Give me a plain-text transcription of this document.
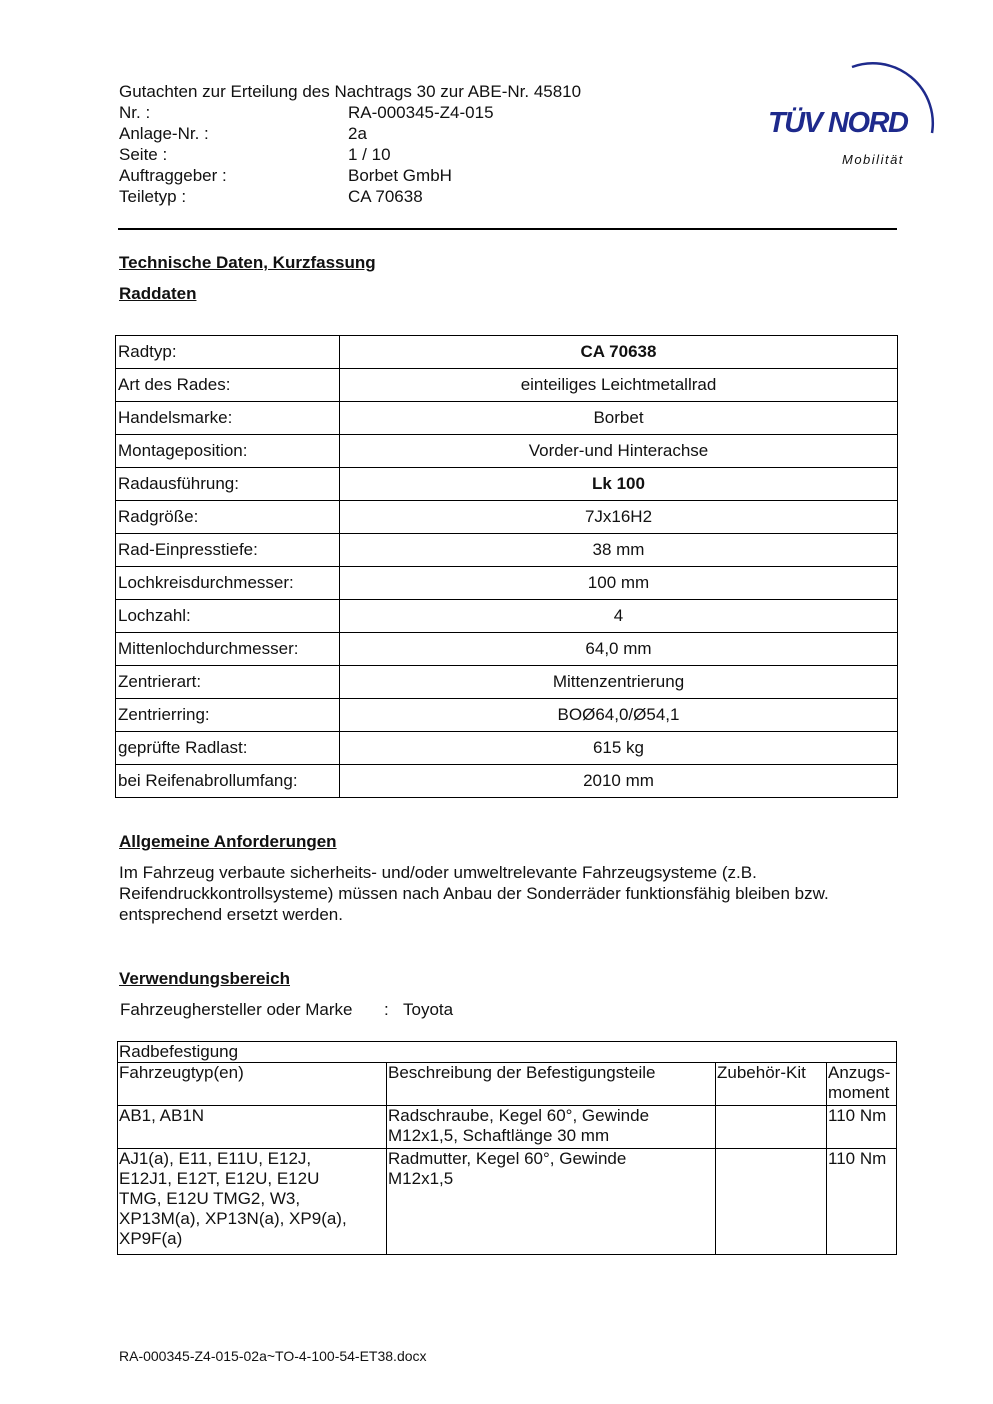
Gutachten zur Erteilung des Nachtrags 30 zur ABE-Nr. 45810
Nr. :	RA-000345-Z4-015
Anlage-Nr. :	2a
Seite :	1 / 10
Auftraggeber :	Borbet GmbH
Teiletyp :	CA 70638
TÜV NORD
Mobilität
Technische Daten, Kurzfassung
Raddaten
Radtyp:	CA 70638
Art des Rades:	einteiliges Leichtmetallrad
Handelsmarke:	Borbet
Montageposition:	Vorder-und Hinterachse
Radausführung:	Lk 100
Radgröße:	7Jx16H2
Rad-Einpresstiefe:	38 mm
Lochkreisdurchmesser:	100 mm
Lochzahl:	4
Mittenlochdurchmesser:	64,0 mm
Zentrierart:	Mittenzentrierung
Zentrierring:	BOØ64,0/Ø54,1
geprüfte Radlast:	615 kg
bei Reifenabrollumfang:	2010 mm
Allgemeine Anforderungen
Im Fahrzeug verbaute sicherheits- und/oder umweltrelevante Fahrzeugsysteme (z.B.
Reifendruckkontrollsysteme) müssen nach Anbau der Sonderräder funktionsfähig bleiben bzw.
entsprechend ersetzt werden.
Verwendungsbereich
Fahrzeughersteller oder Marke : Toyota
Radbefestigung			
Fahrzeugtyp(en)	Beschreibung der Befestigungsteile	Zubehör-Kit	Anzugs-
moment
AB1, AB1N	Radschraube, Kegel 60°, Gewinde
M12x1,5, Schaftlänge 30 mm		110 Nm
AJ1(a), E11, E11U, E12J,
E12J1, E12T, E12U, E12U
TMG, E12U TMG2, W3,
XP13M(a), XP13N(a), XP9(a),
XP9F(a)	Radmutter, Kegel 60°, Gewinde
M12x1,5		110 Nm
RA-000345-Z4-015-02a~TO-4-100-54-ET38.docx
